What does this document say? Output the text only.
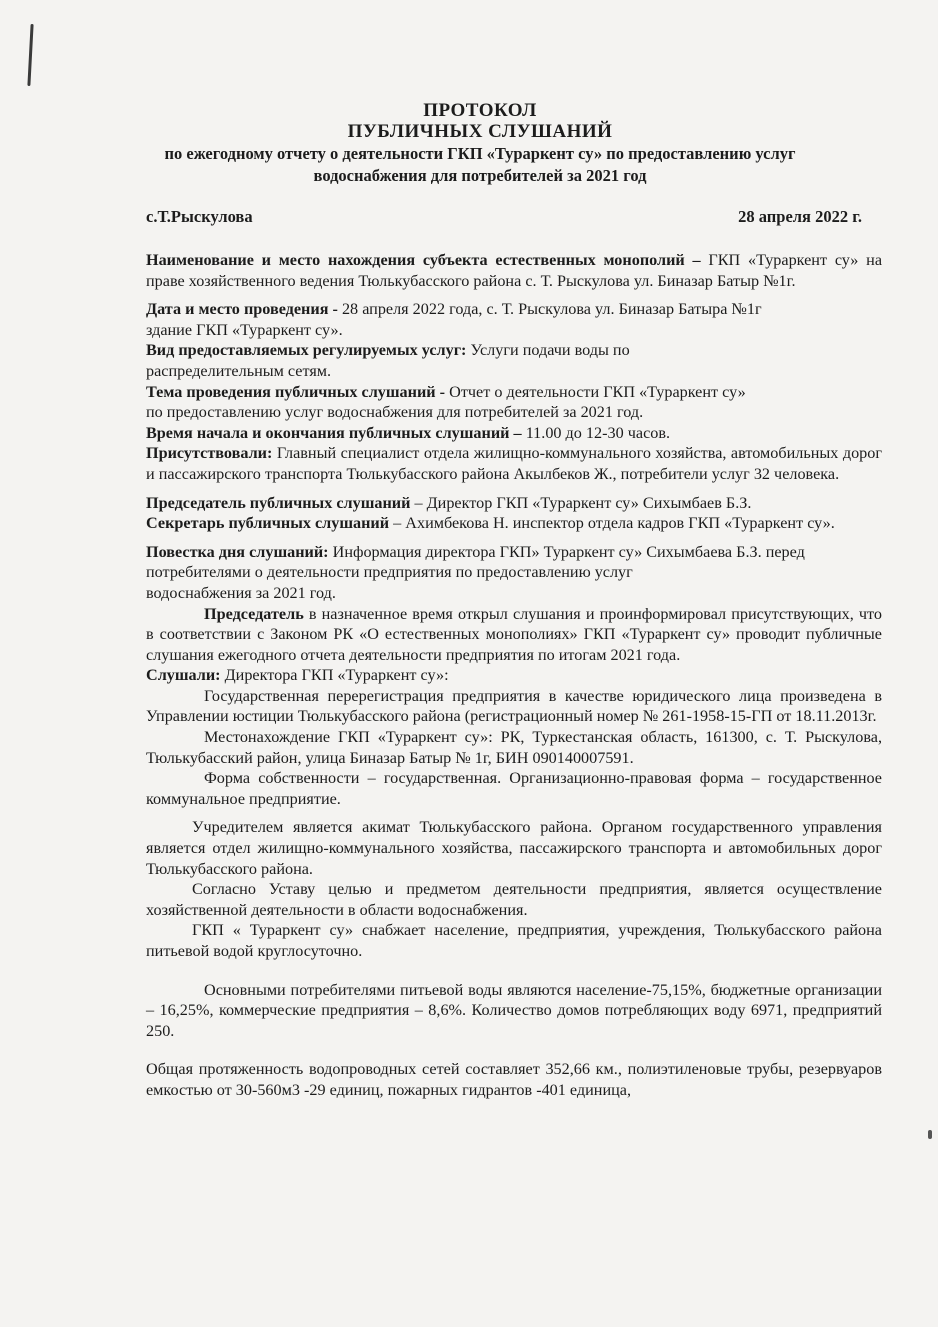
ПРОТОКОЛ
ПУБЛИЧНЫХ СЛУШАНИЙ
по ежегодному отчету о деятельности ГКП «Тураркент су» по предоставлению услуг
водоснабжения для потребителей за 2021 год
с.Т.Рыскулова	28 апреля 2022 г.

Наименование и место нахождения субъекта естественных монополий – ГКП «Тураркент су» на праве хозяйственного ведения Тюлькубасского района с. Т. Рыскулова ул. Биназар Батыр №1г.

Дата и место проведения - 28 апреля 2022 года, с. Т. Рыскулова ул. Биназар Батыра №1г
здание ГКП «Тураркент су».

Вид предоставляемых регулируемых услуг: Услуги подачи воды по
распределительным сетям.

Тема проведения публичных слушаний - Отчет о деятельности ГКП «Тураркент су»
по предоставлению услуг водоснабжения для потребителей за 2021 год.

Время начала и окончания публичных слушаний – 11.00 до 12-30 часов.

Присутствовали: Главный специалист отдела жилищно-коммунального хозяйства, автомобильных дорог и пассажирского транспорта Тюлькубасского района Акылбеков Ж., потребители услуг 32 человека.

Председатель публичных слушаний – Директор ГКП «Тураркент су» Сихымбаев Б.З.

Секретарь публичных слушаний – Ахимбекова Н. инспектор отдела кадров ГКП «Тураркент су».

Повестка дня слушаний: Информация директора ГКП» Тураркент су» Сихымбаева Б.З. перед потребителями о деятельности предприятия по предоставлению услуг
водоснабжения за 2021 год.

Председатель в назначенное время открыл слушания и проинформировал присутствующих, что в соответствии с Законом РК «О естественных монополиях» ГКП «Тураркент су» проводит публичные слушания ежегодного отчета деятельности предприятия по итогам 2021 года.

Слушали: Директора ГКП «Тураркент су»:

Государственная перерегистрация предприятия в качестве юридического лица произведена в Управлении юстиции Тюлькубасского района (регистрационный номер № 261-1958-15-ГП от 18.11.2013г.

Местонахождение ГКП «Тураркент су»: РК, Туркестанская область, 161300, с. Т. Рыскулова, Тюлькубасский район, улица Биназар Батыр № 1г, БИН 090140007591.

Форма собственности – государственная. Организационно-правовая форма – государственное коммунальное предприятие.

Учредителем является акимат Тюлькубасского района. Органом государственного управления является отдел жилищно-коммунального хозяйства, пассажирского транспорта и автомобильных дорог Тюлькубасского района.

Согласно Уставу целью и предметом деятельности предприятия, является осуществление хозяйственной деятельности в области водоснабжения.

ГКП « Тураркент су» снабжает население, предприятия, учреждения, Тюлькубасского района питьевой водой круглосуточно.

Основными потребителями питьевой воды являются население-75,15%, бюджетные организации – 16,25%, коммерческие предприятия – 8,6%. Количество домов потребляющих воду 6971, предприятий 250.

Общая протяженность водопроводных сетей составляет 352,66 км., полиэтиленовые трубы, резервуаров емкостью от 30-560м3 -29 единиц, пожарных гидрантов -401 единица,
